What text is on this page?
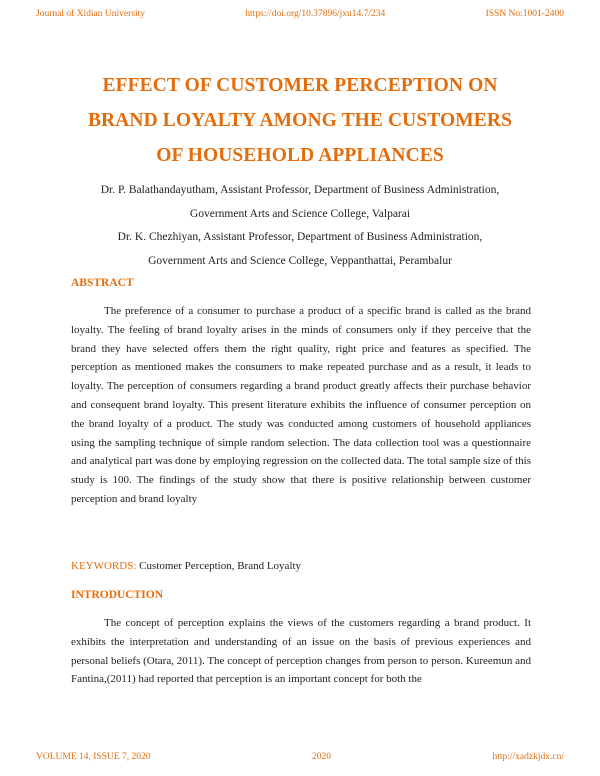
Journal of Xidian University	https://doi.org/10.37896/jxu14.7/234	ISSN No:1001-2400
EFFECT OF CUSTOMER PERCEPTION ON
BRAND LOYALTY AMONG THE CUSTOMERS
OF HOUSEHOLD APPLIANCES
Dr. P. Balathandayutham, Assistant Professor, Department of Business Administration,
Government Arts and Science College, Valparai
Dr. K. Chezhiyan, Assistant Professor, Department of Business Administration,
Government Arts and Science College, Veppanthattai, Perambalur
ABSTRACT
The preference of a consumer to purchase a product of a specific brand is called as the brand loyalty. The feeling of brand loyalty arises in the minds of consumers only if they perceive that the brand they have selected offers them the right quality, right price and features as specified. The perception as mentioned makes the consumers to make repeated purchase and as a result, it leads to loyalty. The perception of consumers regarding a brand product greatly affects their purchase behavior and consequent brand loyalty. This present literature exhibits the influence of consumer perception on the brand loyalty of a product. The study was conducted among customers of household appliances using the sampling technique of simple random selection. The data collection tool was a questionnaire and analytical part was done by employing regression on the collected data. The total sample size of this study is 100. The findings of the study show that there is positive relationship between customer perception and brand loyalty
KEYWORDS: Customer Perception, Brand Loyalty
INTRODUCTION
The concept of perception explains the views of the customers regarding a brand product. It exhibits the interpretation and understanding of an issue on the basis of previous experiences and personal beliefs (Otara, 2011). The concept of perception changes from person to person. Kureemun and Fantina,(2011) had reported that perception is an important concept for both the
VOLUME 14, ISSUE 7, 2020	2020	http://xadzkjdx.cn/
